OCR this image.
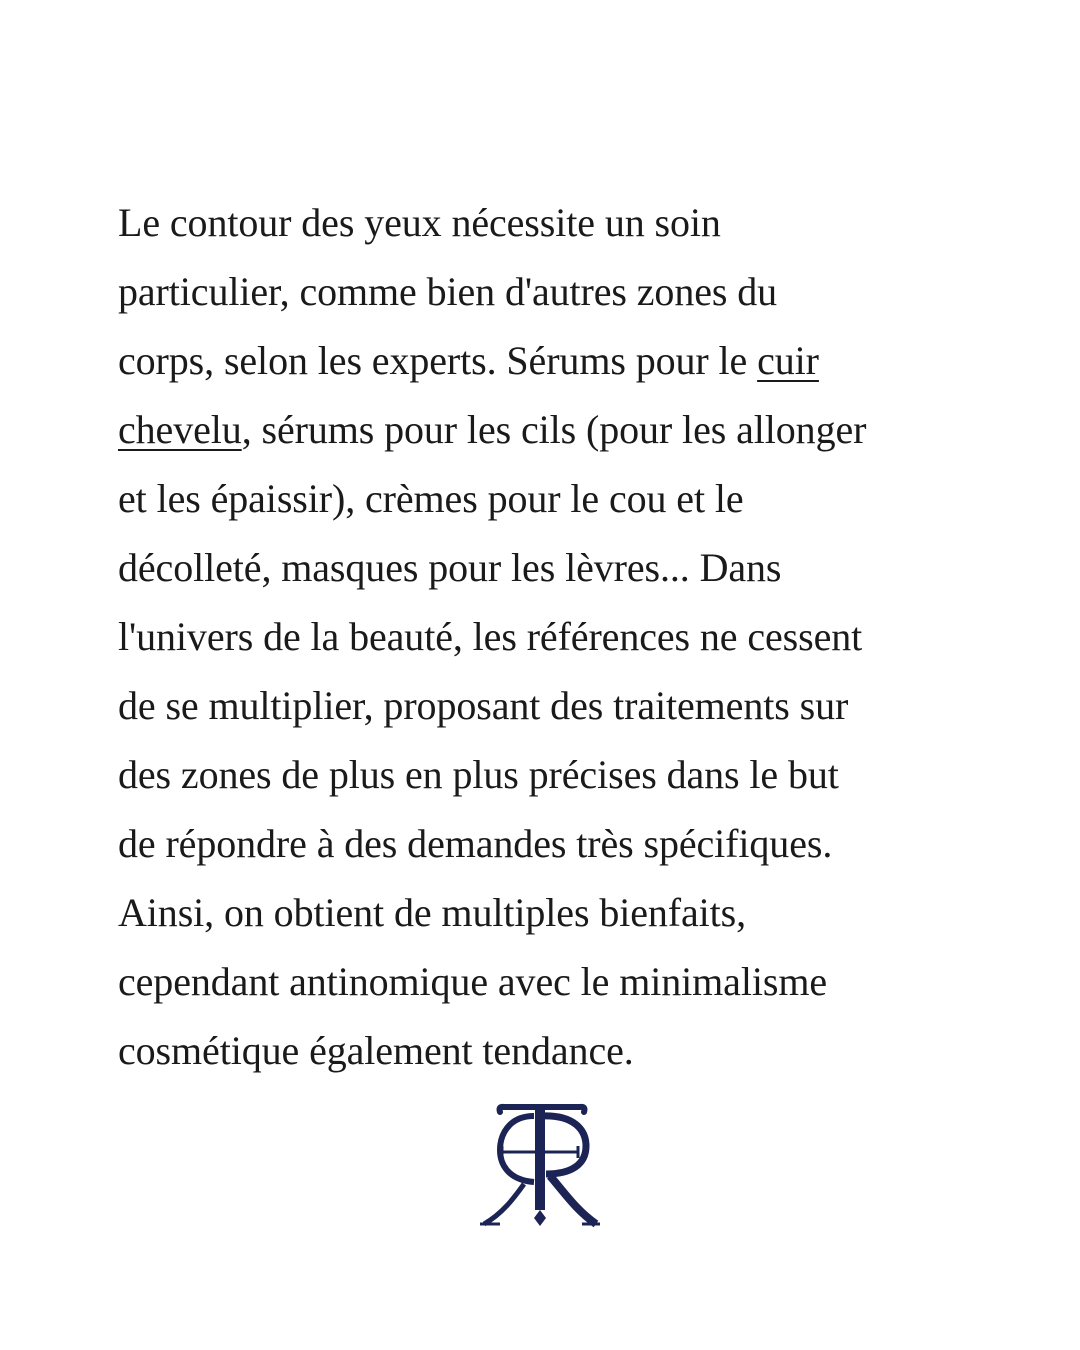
Le contour des yeux nécessite un soin
particulier, comme bien d'autres zones du
corps, selon les experts. Sérums pour le cuir
chevelu, sérums pour les cils (pour les allonger
et les épaissir), crèmes pour le cou et le
décolleté, masques pour les lèvres... Dans
l'univers de la beauté, les références ne cessent
de se multiplier, proposant des traitements sur
des zones de plus en plus précises dans le but
de répondre à des demandes très spécifiques.
Ainsi, on obtient de multiples bienfaits,
cependant antinomique avec le minimalisme
cosmétique également tendance.
